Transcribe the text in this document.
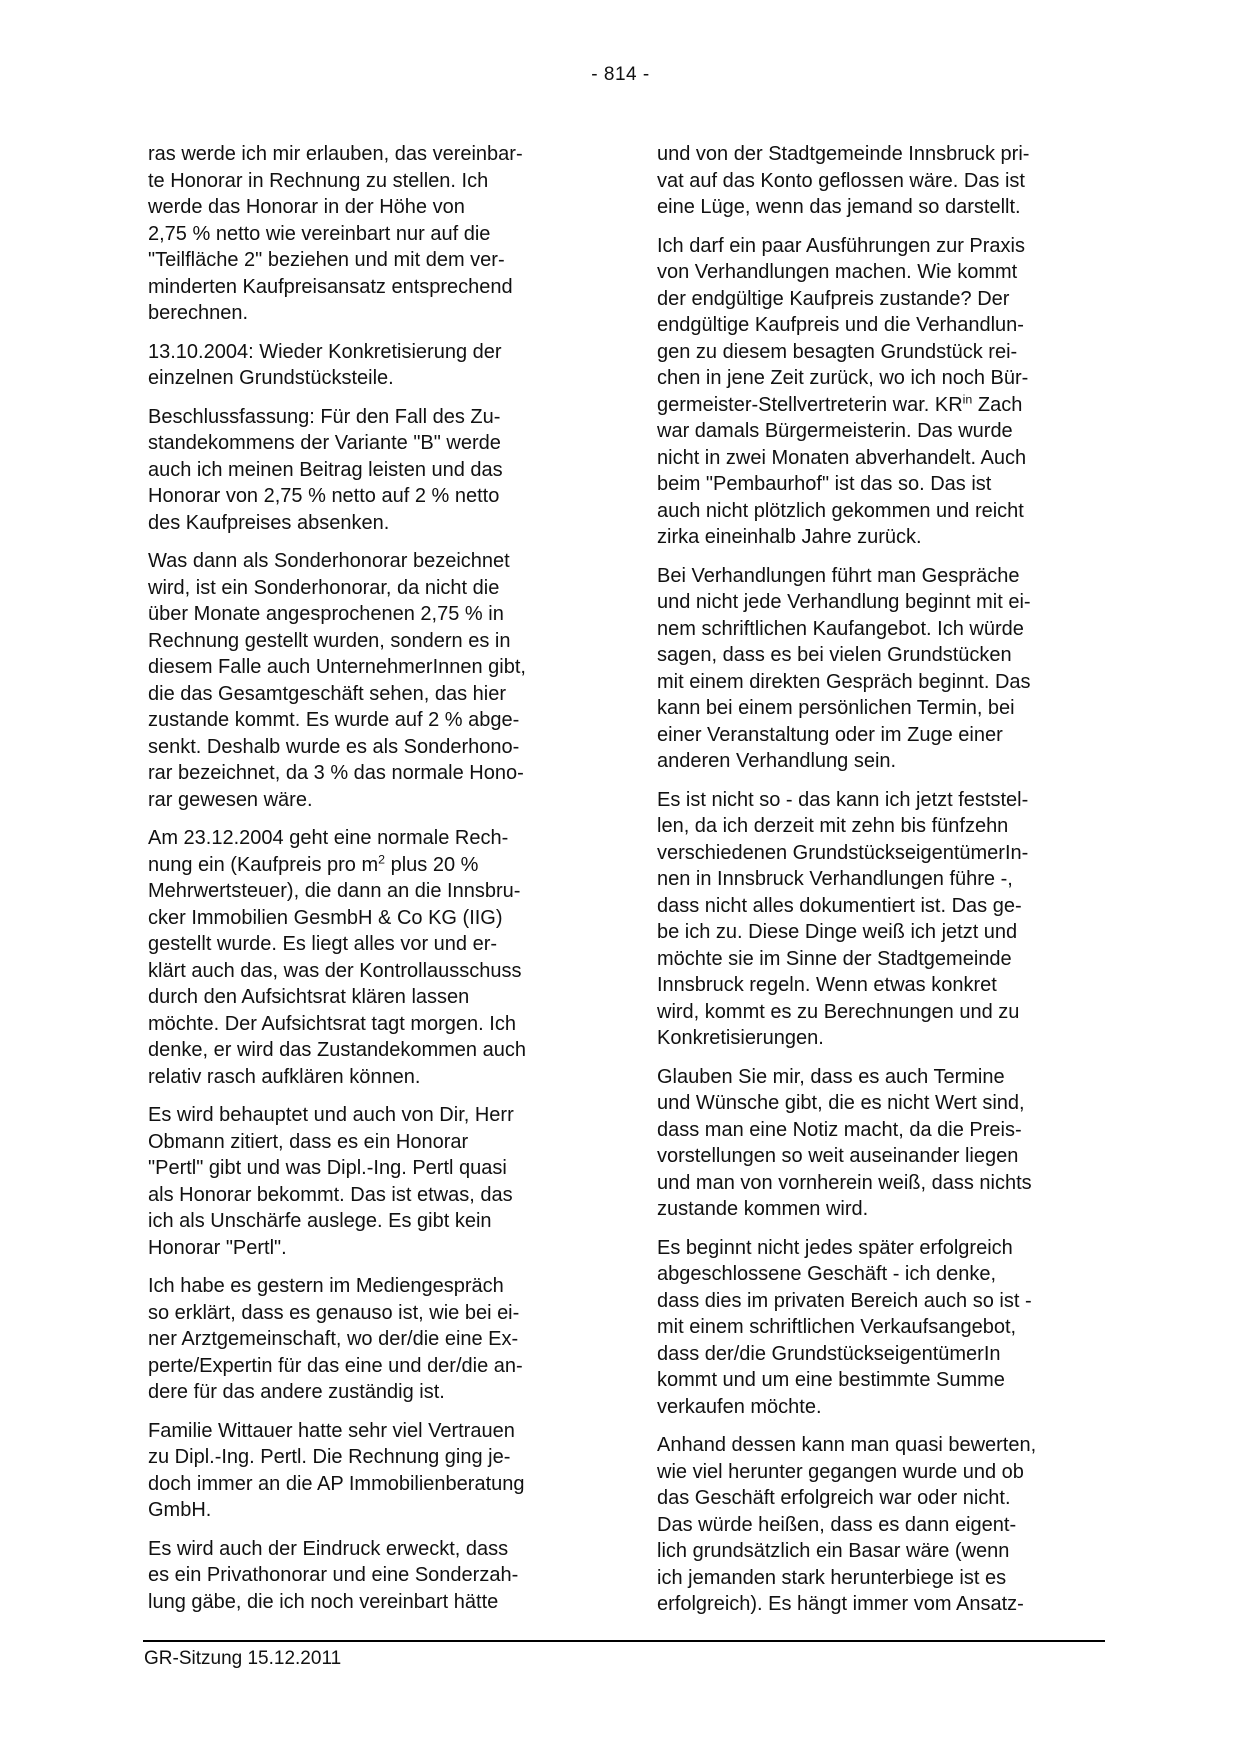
- 814 -

ras werde ich mir erlauben, das vereinbar-
te Honorar in Rechnung zu stellen. Ich
werde das Honorar in der Höhe von
2,75 % netto wie vereinbart nur auf die
"Teilfläche 2" beziehen und mit dem ver-
minderten Kaufpreisansatz entsprechend
berechnen.

13.10.2004: Wieder Konkretisierung der
einzelnen Grundstücksteile.

Beschlussfassung: Für den Fall des Zu-
standekommens der Variante "B" werde
auch ich meinen Beitrag leisten und das
Honorar von 2,75 % netto auf 2 % netto
des Kaufpreises absenken.

Was dann als Sonderhonorar bezeichnet
wird, ist ein Sonderhonorar, da nicht die
über Monate angesprochenen 2,75 % in
Rechnung gestellt wurden, sondern es in
diesem Falle auch UnternehmerInnen gibt,
die das Gesamtgeschäft sehen, das hier
zustande kommt. Es wurde auf 2 % abge-
senkt. Deshalb wurde es als Sonderhono-
rar bezeichnet, da 3 % das normale Hono-
rar gewesen wäre.

Am 23.12.2004 geht eine normale Rech-
nung ein (Kaufpreis pro $m^2$ plus 20 %
Mehrwertsteuer), die dann an die Innsbru-
cker Immobilien GesmbH & Co KG (IIG)
gestellt wurde. Es liegt alles vor und er-
klärt auch das, was der Kontrollausschuss
durch den Aufsichtsrat klären lassen
möchte. Der Aufsichtsrat tagt morgen. Ich
denke, er wird das Zustandekommen auch
relativ rasch aufklären können.

Es wird behauptet und auch von Dir, Herr
Obmann zitiert, dass es ein Honorar
"Pertl" gibt und was Dipl.-Ing. Pertl quasi
als Honorar bekommt. Das ist etwas, das
ich als Unschärfe auslege. Es gibt kein
Honorar "Pertl".

Ich habe es gestern im Mediengespräch
so erklärt, dass es genauso ist, wie bei ei-
ner Arztgemeinschaft, wo der/die eine Ex-
perte/Expertin für das eine und der/die an-
dere für das andere zuständig ist.

Familie Wittauer hatte sehr viel Vertrauen
zu Dipl.-Ing. Pertl. Die Rechnung ging je-
doch immer an die AP Immobilienberatung
GmbH.

Es wird auch der Eindruck erweckt, dass
es ein Privathonorar und eine Sonderzah-
lung gäbe, die ich noch vereinbart hätte

und von der Stadtgemeinde Innsbruck pri-
vat auf das Konto geflossen wäre. Das ist
eine Lüge, wenn das jemand so darstellt.

Ich darf ein paar Ausführungen zur Praxis
von Verhandlungen machen. Wie kommt
der endgültige Kaufpreis zustande? Der
endgültige Kaufpreis und die Verhandlun-
gen zu diesem besagten Grundstück rei-
chen in jene Zeit zurück, wo ich noch Bür-
germeister-Stellvertreterin war. $KR^{in}$ Zach
war damals Bürgermeisterin. Das wurde
nicht in zwei Monaten abverhandelt. Auch
beim "Pembaurhof" ist das so. Das ist
auch nicht plötzlich gekommen und reicht
zirka eineinhalb Jahre zurück.

Bei Verhandlungen führt man Gespräche
und nicht jede Verhandlung beginnt mit ei-
nem schriftlichen Kaufangebot. Ich würde
sagen, dass es bei vielen Grundstücken
mit einem direkten Gespräch beginnt. Das
kann bei einem persönlichen Termin, bei
einer Veranstaltung oder im Zuge einer
anderen Verhandlung sein.

Es ist nicht so - das kann ich jetzt feststel-
len, da ich derzeit mit zehn bis fünfzehn
verschiedenen GrundstückseigentümerIn-
nen in Innsbruck Verhandlungen führe -,
dass nicht alles dokumentiert ist. Das ge-
be ich zu. Diese Dinge weiß ich jetzt und
möchte sie im Sinne der Stadtgemeinde
Innsbruck regeln. Wenn etwas konkret
wird, kommt es zu Berechnungen und zu
Konkretisierungen.

Glauben Sie mir, dass es auch Termine
und Wünsche gibt, die es nicht Wert sind,
dass man eine Notiz macht, da die Preis-
vorstellungen so weit auseinander liegen
und man von vornherein weiß, dass nichts
zustande kommen wird.

Es beginnt nicht jedes später erfolgreich
abgeschlossene Geschäft - ich denke,
dass dies im privaten Bereich auch so ist -
mit einem schriftlichen Verkaufsangebot,
dass der/die GrundstückseigentümerIn
kommt und um eine bestimmte Summe
verkaufen möchte.

Anhand dessen kann man quasi bewerten,
wie viel herunter gegangen wurde und ob
das Geschäft erfolgreich war oder nicht.
Das würde heißen, dass es dann eigent-
lich grundsätzlich ein Basar wäre (wenn
ich jemanden stark herunterbiege ist es
erfolgreich). Es hängt immer vom Ansatz-

GR-Sitzung 15.12.2011
